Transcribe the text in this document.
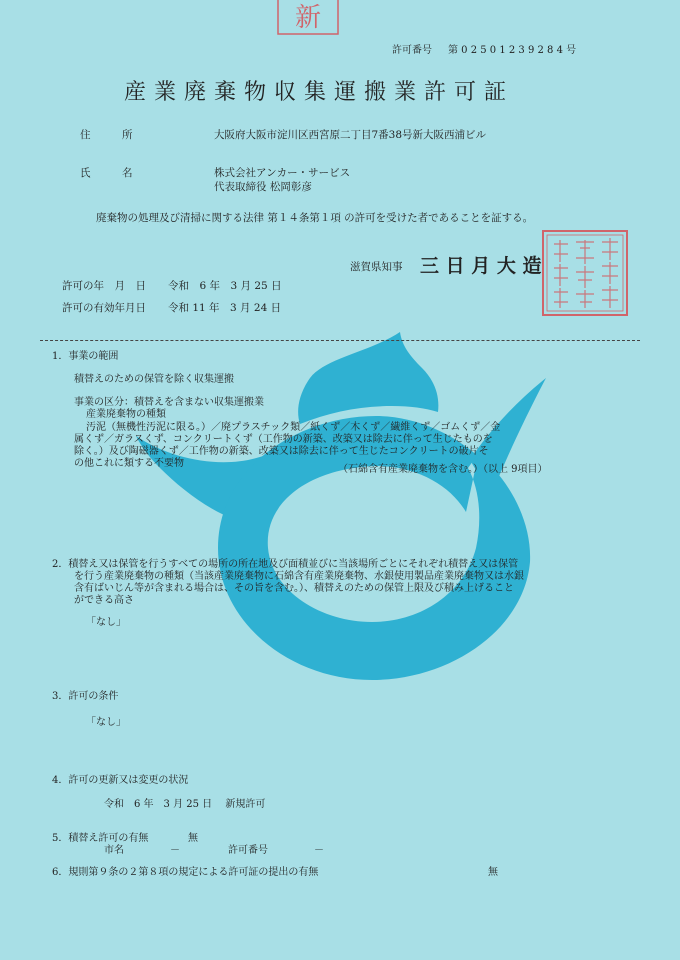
新
許可番号 第 0 2 5 0 1 2 3 9 2 8 4 号
産業廃棄物収集運搬業許可証
住　　　所	大阪府大阪市淀川区西宮原二丁目7番38号新大阪西浦ビル
氏　　　名	株式会社アンカー・サービス
代表取締役 松岡彰彦
廃棄物の処理及び清掃に関する法律 第１４条第１項 の許可を受けた者であることを証する。
滋賀県知事 三 日 月 大 造
許可の年　月　日 令和　6 年　3 月 25 日
許可の有効年月日 令和 11 年　3 月 24 日
1．事業の範囲
積替えのための保管を除く収集運搬
事業の区分：積替えを含まない収集運搬業
産業廃棄物の種類
汚泥（無機性汚泥に限る。）／廃プラスチック類／紙くず／木くず／繊維くず／ゴムくず／金
属くず／ガラスくず、コンクリートくず（工作物の新築、改築又は除去に伴って生じたものを
除く。）及び陶磁器くず／工作物の新築、改築又は除去に伴って生じたコンクリートの破片そ
の他これに類する不要物
（石綿含有産業廃棄物を含む。）（以上 9項目）
2．積替え又は保管を行うすべての場所の所在地及び面積並びに当該場所ごとにそれぞれ積替え又は保管
を行う産業廃棄物の種類（当該産業廃棄物に石綿含有産業廃棄物、水銀使用製品産業廃棄物又は水銀
含有ばいじん等が含まれる場合は、その旨を含む。）、積替えのための保管上限及び積み上げること
ができる高さ
「なし」
3．許可の条件
「なし」
4．許可の更新又は変更の状況
令和　6 年　3 月 25 日　 新規許可
5．積替え許可の有無	無
市名	－	許可番号	－
6．規則第９条の２第８項の規定による許可証の提出の有無	無
